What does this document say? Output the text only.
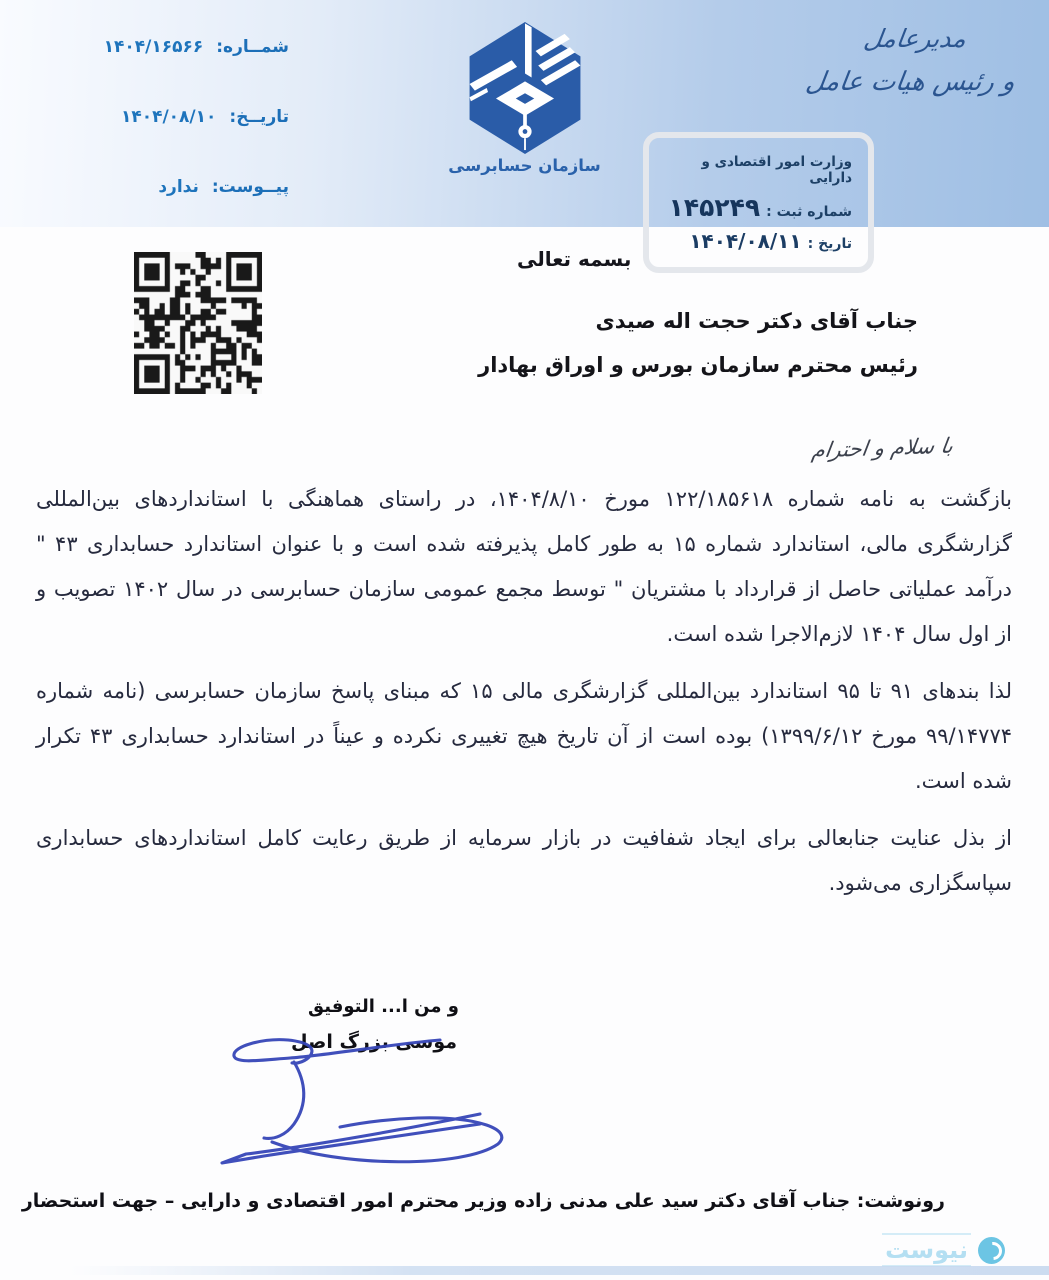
شمــاره:
۱۴۰۴/۱۶۵۶۶
تاریــخ:
۱۴۰۴/۰۸/۱۰
پیــوست:
ندارد
سازمان حسابرسی
مدیرعامل
و رئیس هیات عامل
وزارت امور اقتصادی و دارایی
شماره ثبت :
۱۴۵۲۴۹
تاریخ :
۱۴۰۴/۰۸/۱۱
بسمه تعالی
جناب آقای دکتر حجت اله صیدی
رئیس محترم سازمان بورس و اوراق بهادار
با سلام و احترام

بازگشت به نامه شماره ۱۲۲/۱۸۵۶۱۸ مورخ ۱۴۰۴/۸/۱۰، در راستای هماهنگی با استانداردهای بین‌المللی گزارشگری مالی، استاندارد شماره ۱۵ به طور کامل پذیرفته شده است و با عنوان استاندارد حسابداری ۴۳ " درآمد عملیاتی حاصل از قرارداد با مشتریان " توسط مجمع عمومی سازمان حسابرسی در سال ۱۴۰۲ تصویب و از اول سال ۱۴۰۴ لازم‌الاجرا شده است.

لذا بندهای ۹۱ تا ۹۵ استاندارد بین‌المللی گزارشگری مالی ۱۵ که مبنای پاسخ سازمان حسابرسی (نامه شماره ۹۹/۱۴۷۷۴ مورخ ۱۳۹۹/۶/۱۲) بوده است از آن تاریخ هیچ تغییری نکرده و عیناً در استاندارد حسابداری ۴۳ تکرار شده است.

از بذل عنایت جنابعالی برای ایجاد شفافیت در بازار سرمایه از طریق رعایت کامل استانداردهای حسابداری سپاسگزاری می‌شود.

و من ا... التوفیق
موسی بزرگ اصل
رونوشت: جناب آقای دکتر سید علی مدنی زاده وزیر محترم امور اقتصادی و دارایی – جهت استحضار
نیوست
